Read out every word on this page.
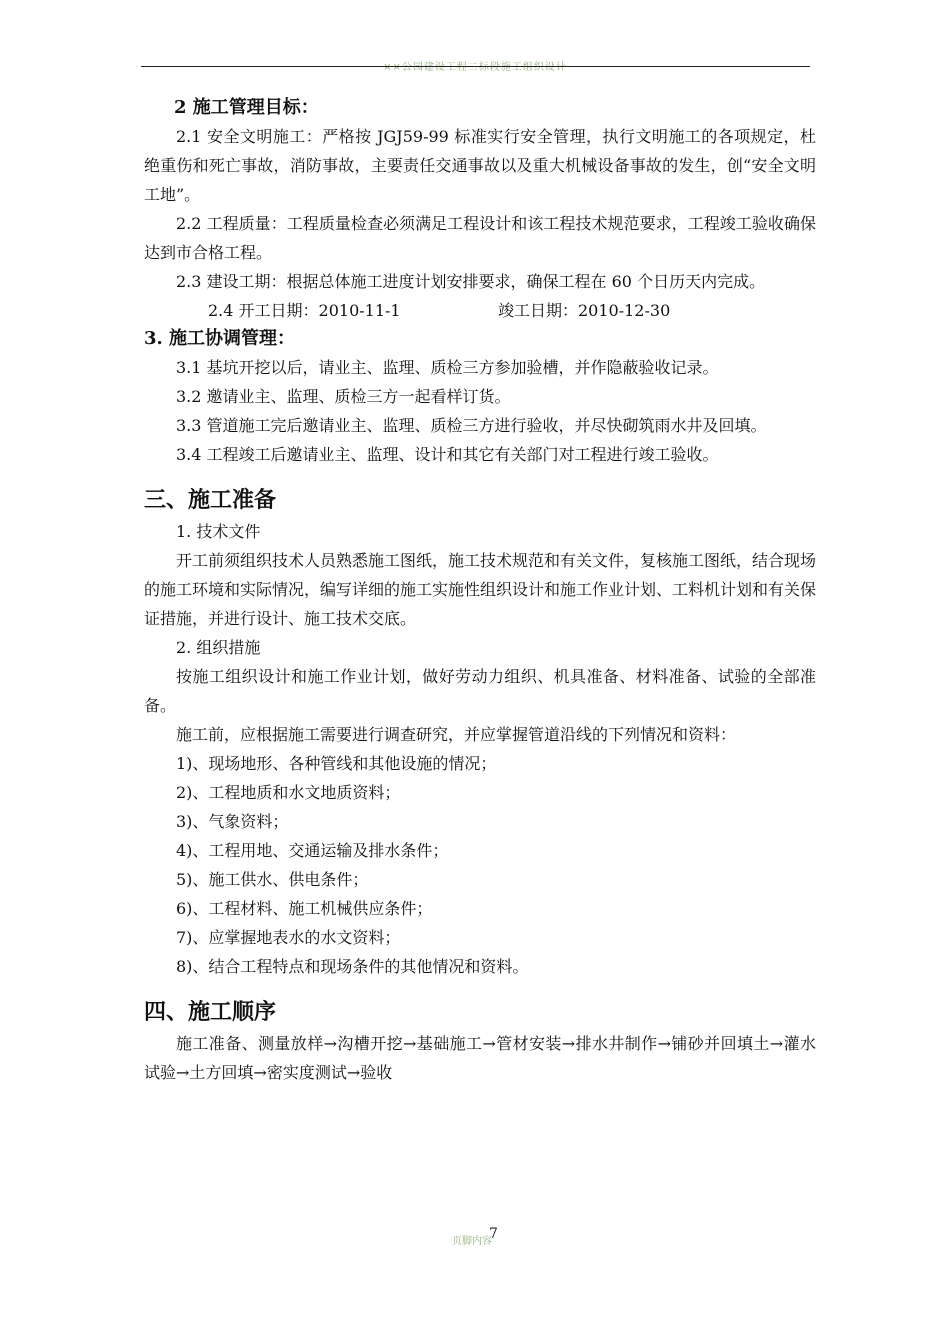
××公园建设工程二标段施工组织设计
2 施工管理目标：

2.1 安全文明施工：严格按 JGJ59-99 标准实行安全管理，执行文明施工的各项规定，杜绝重伤和死亡事故，消防事故，主要责任交通事故以及重大机械设备事故的发生，创“安全文明工地”。

2.2 工程质量：工程质量检查必须满足工程设计和该工程技术规范要求，工程竣工验收确保达到市合格工程。

2.3 建设工期：根据总体施工进度计划安排要求，确保工程在 60 个日历天内完成。

2.4 开工日期：2010-11-1	竣工日期：2010-12-30

3. 施工协调管理：

3.1 基坑开挖以后，请业主、监理、质检三方参加验槽，并作隐蔽验收记录。

3.2 邀请业主、监理、质检三方一起看样订货。

3.3 管道施工完后邀请业主、监理、质检三方进行验收，并尽快砌筑雨水井及回填。

3.4 工程竣工后邀请业主、监理、设计和其它有关部门对工程进行竣工验收。

三、施工准备

1. 技术文件

开工前须组织技术人员熟悉施工图纸，施工技术规范和有关文件，复核施工图纸，结合现场的施工环境和实际情况，编写详细的施工实施性组织设计和施工作业计划、工料机计划和有关保证措施，并进行设计、施工技术交底。

2. 组织措施

按施工组织设计和施工作业计划，做好劳动力组织、机具准备、材料准备、试验的全部准备。

施工前，应根据施工需要进行调查研究，并应掌握管道沿线的下列情况和资料：

1)、现场地形、各种管线和其他设施的情况；

2)、工程地质和水文地质资料；

3)、气象资料；

4)、工程用地、交通运输及排水条件；

5)、施工供水、供电条件；

6)、工程材料、施工机械供应条件；

7)、应掌握地表水的水文资料；

8)、结合工程特点和现场条件的其他情况和资料。

四、施工顺序

施工准备、测量放样→沟槽开挖→基础施工→管材安装→排水井制作→铺砂并回填土→灌水试验→土方回填→密实度测试→验收

页脚内容
7
